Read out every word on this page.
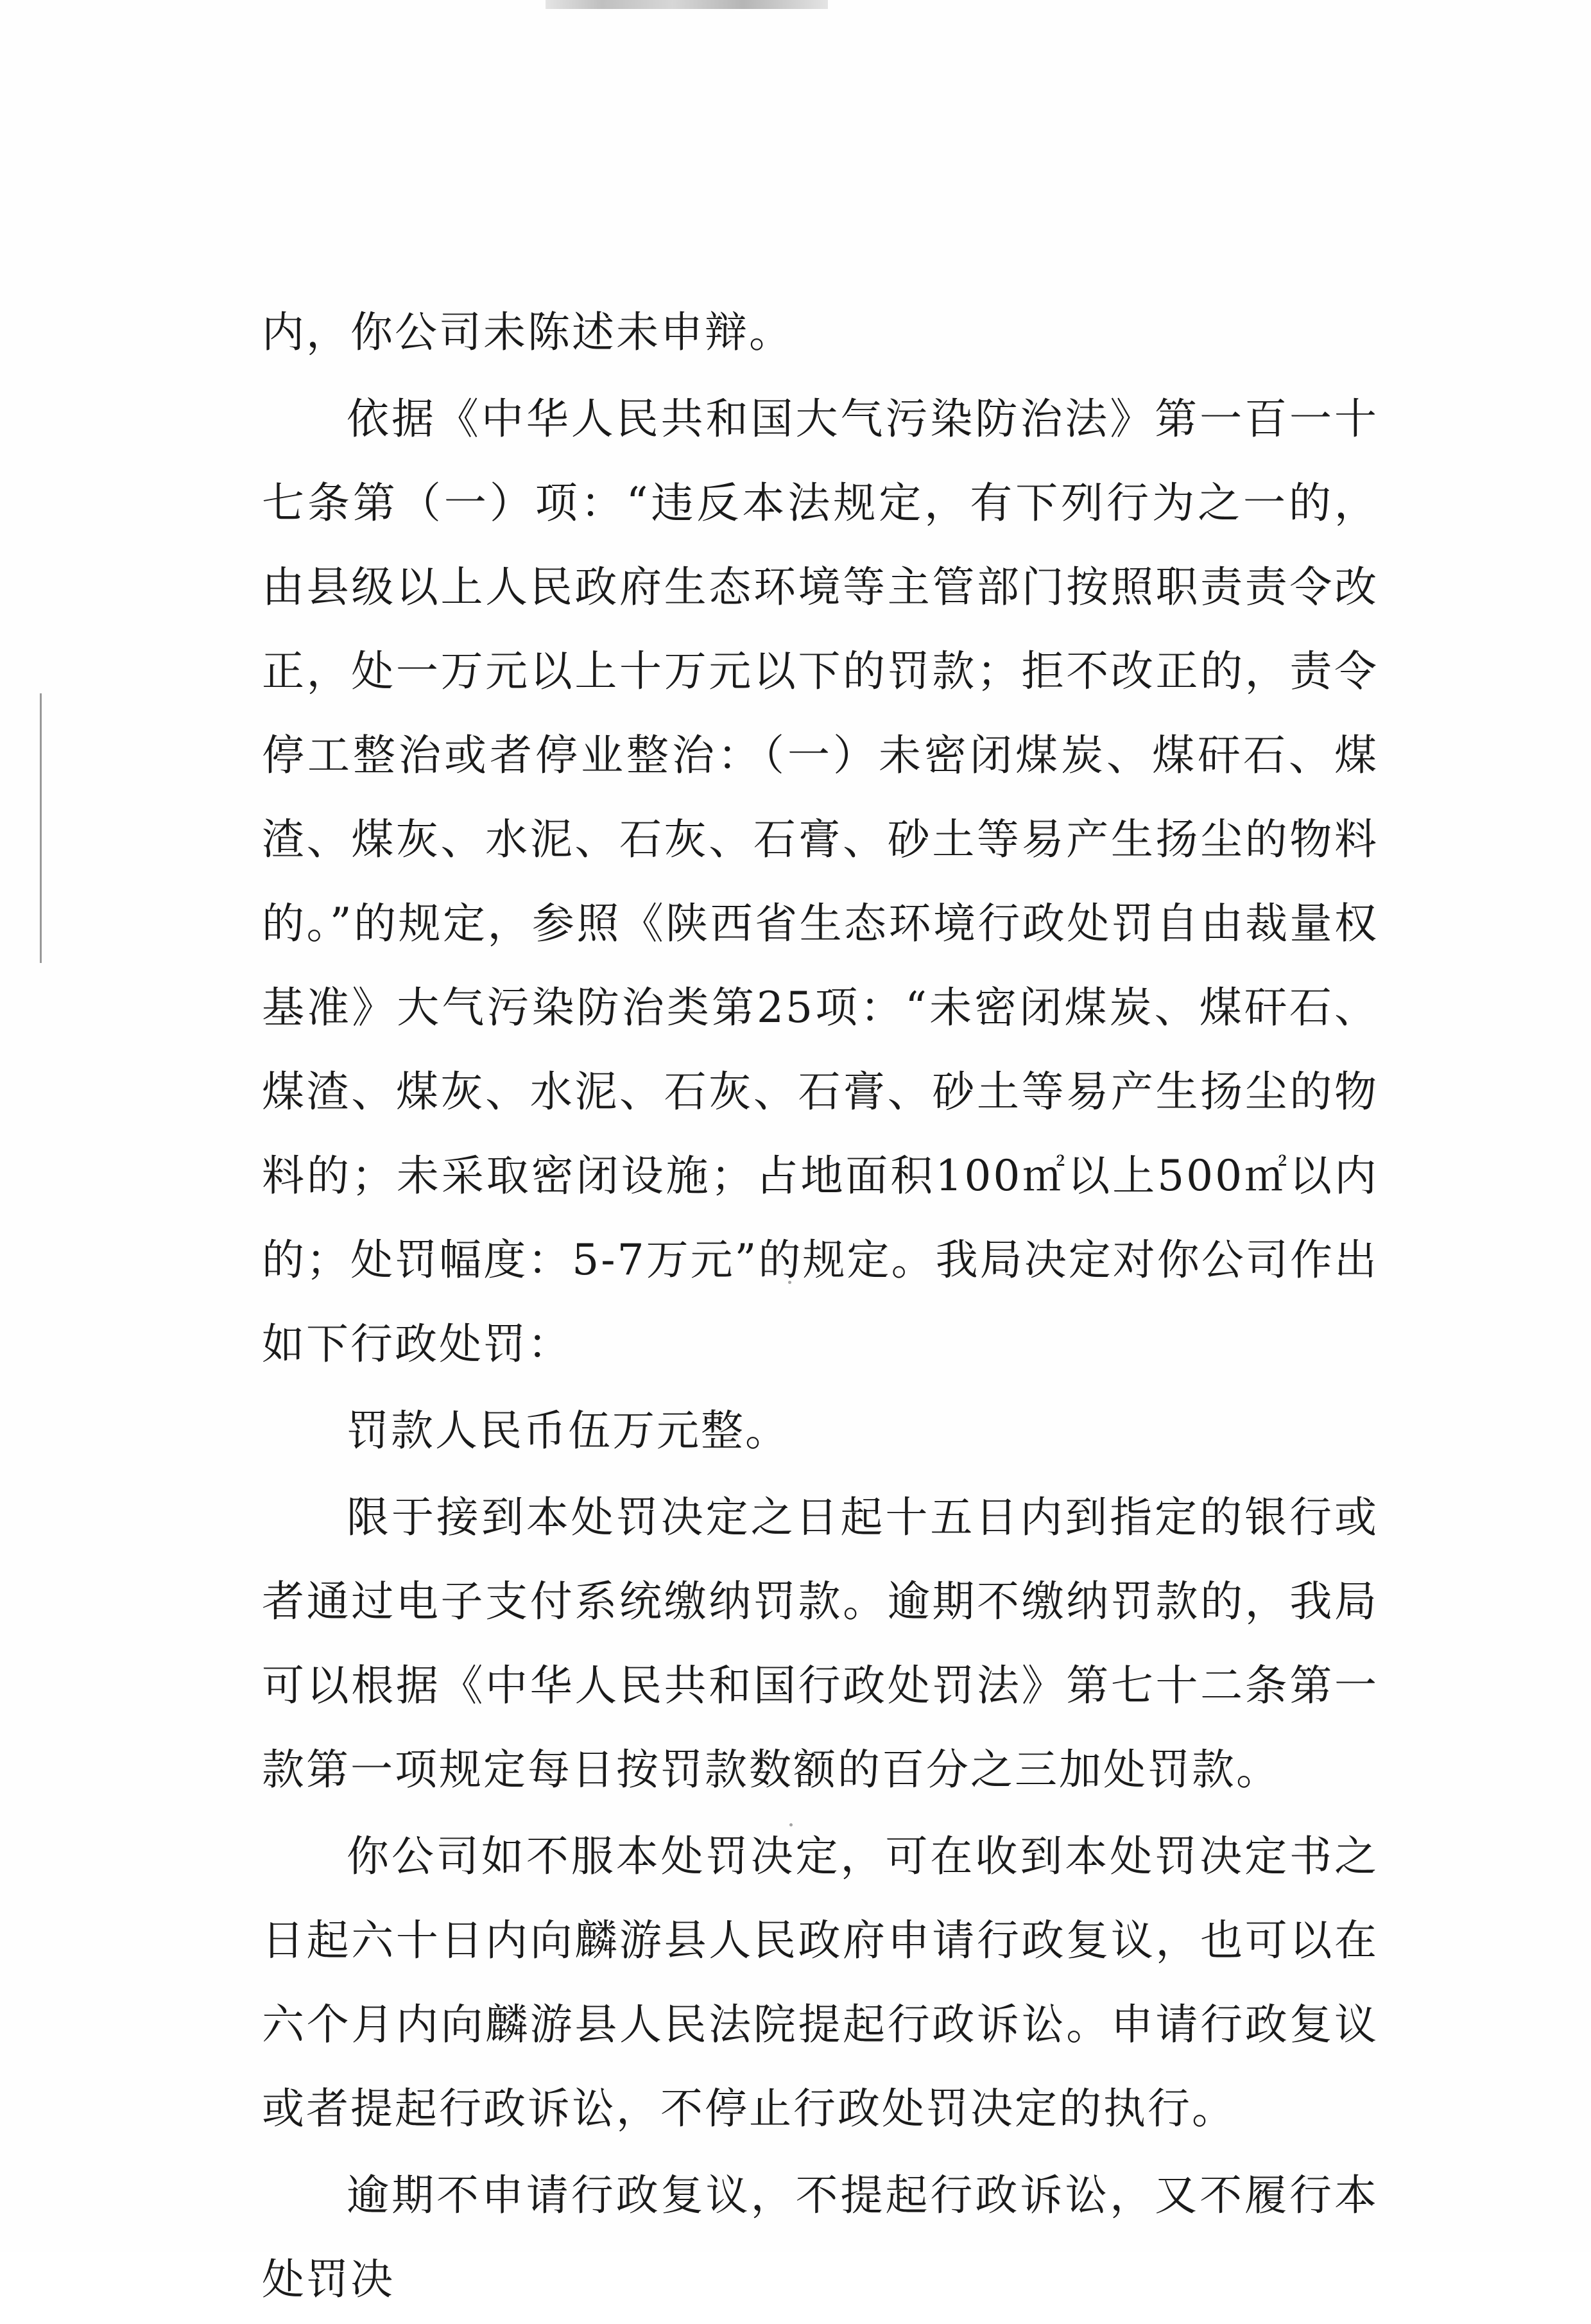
内，你公司未陈述未申辩。

依据《中华人民共和国大气污染防治法》第一百一十七条第（一）项：“违反本法规定，有下列行为之一的，由县级以上人民政府生态环境等主管部门按照职责责令改正，处一万元以上十万元以下的罚款；拒不改正的，责令停工整治或者停业整治：（一）未密闭煤炭、煤矸石、煤渣、煤灰、水泥、石灰、石膏、砂土等易产生扬尘的物料的。”的规定，参照《陕西省生态环境行政处罚自由裁量权基准》大气污染防治类第25项：“未密闭煤炭、煤矸石、煤渣、煤灰、水泥、石灰、石膏、砂土等易产生扬尘的物料的；未采取密闭设施；占地面积100㎡以上500㎡以内的；处罚幅度：5-7万元”的规定。我局决定对你公司作出如下行政处罚：

罚款人民币伍万元整。

限于接到本处罚决定之日起十五日内到指定的银行或者通过电子支付系统缴纳罚款。逾期不缴纳罚款的，我局可以根据《中华人民共和国行政处罚法》第七十二条第一款第一项规定每日按罚款数额的百分之三加处罚款。

你公司如不服本处罚决定，可在收到本处罚决定书之日起六十日内向麟游县人民政府申请行政复议，也可以在六个月内向麟游县人民法院提起行政诉讼。申请行政复议或者提起行政诉讼，不停止行政处罚决定的执行。

逾期不申请行政复议，不提起行政诉讼，又不履行本处罚决
